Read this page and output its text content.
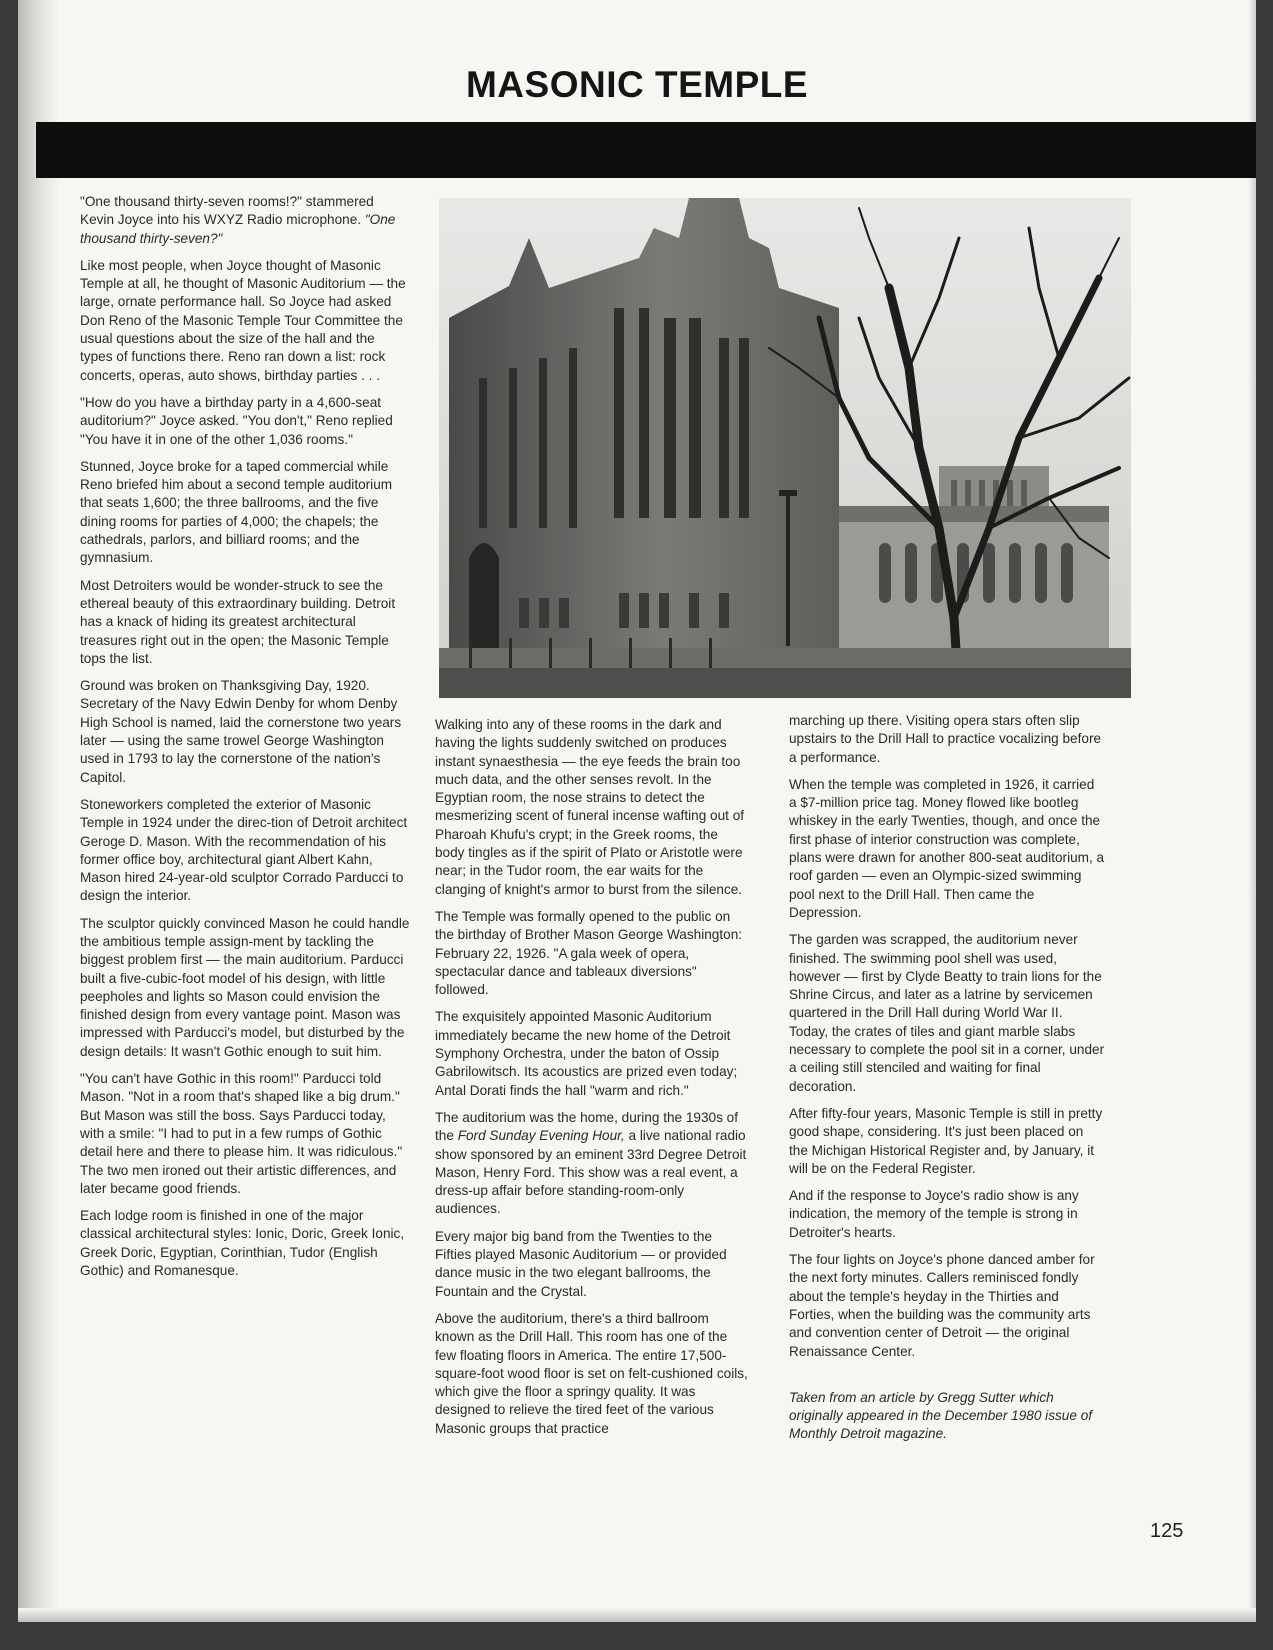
MASONIC TEMPLE

"One thousand thirty-seven rooms!?" stammered Kevin Joyce into his WXYZ Radio microphone. "One thousand thirty-seven?"

Like most people, when Joyce thought of Masonic Temple at all, he thought of Masonic Auditorium — the large, ornate performance hall. So Joyce had asked Don Reno of the Masonic Temple Tour Committee the usual questions about the size of the hall and the types of functions there. Reno ran down a list: rock concerts, operas, auto shows, birthday parties . . .

"How do you have a birthday party in a 4,600-seat auditorium?" Joyce asked. "You don't," Reno replied "You have it in one of the other 1,036 rooms."

Stunned, Joyce broke for a taped commercial while Reno briefed him about a second temple auditorium that seats 1,600; the three ballrooms, and the five dining rooms for parties of 4,000; the chapels; the cathedrals, parlors, and billiard rooms; and the gymnasium.

Most Detroiters would be wonder-struck to see the ethereal beauty of this extraordinary building. Detroit has a knack of hiding its greatest architectural treasures right out in the open; the Masonic Temple tops the list.

Ground was broken on Thanksgiving Day, 1920. Secretary of the Navy Edwin Denby for whom Denby High School is named, laid the cornerstone two years later — using the same trowel George Washington used in 1793 to lay the cornerstone of the nation's Capitol.

Stoneworkers completed the exterior of Masonic Temple in 1924 under the direc-tion of Detroit architect Geroge D. Mason. With the recommendation of his former office boy, architectural giant Albert Kahn, Mason hired 24-year-old sculptor Corrado Parducci to design the interior.

The sculptor quickly convinced Mason he could handle the ambitious temple assign-ment by tackling the biggest problem first — the main auditorium. Parducci built a five-cubic-foot model of his design, with little peepholes and lights so Mason could envision the finished design from every vantage point. Mason was impressed with Parducci's model, but disturbed by the design details: It wasn't Gothic enough to suit him.

"You can't have Gothic in this room!" Parducci told Mason. "Not in a room that's shaped like a big drum." But Mason was still the boss. Says Parducci today, with a smile: "I had to put in a few rumps of Gothic detail here and there to please him. It was ridiculous." The two men ironed out their artistic differences, and later became good friends.

Each lodge room is finished in one of the major classical architectural styles: Ionic, Doric, Greek Ionic, Greek Doric, Egyptian, Corinthian, Tudor (English Gothic) and Romanesque.

Walking into any of these rooms in the dark and having the lights suddenly switched on produces instant synaesthesia — the eye feeds the brain too much data, and the other senses revolt. In the Egyptian room, the nose strains to detect the mesmerizing scent of funeral incense wafting out of Pharoah Khufu's crypt; in the Greek rooms, the body tingles as if the spirit of Plato or Aristotle were near; in the Tudor room, the ear waits for the clanging of knight's armor to burst from the silence.

The Temple was formally opened to the public on the birthday of Brother Mason George Washington: February 22, 1926. "A gala week of opera, spectacular dance and tableaux diversions" followed.

The exquisitely appointed Masonic Auditorium immediately became the new home of the Detroit Symphony Orchestra, under the baton of Ossip Gabrilowitsch. Its acoustics are prized even today; Antal Dorati finds the hall "warm and rich."

The auditorium was the home, during the 1930s of the Ford Sunday Evening Hour, a live national radio show sponsored by an eminent 33rd Degree Detroit Mason, Henry Ford. This show was a real event, a dress-up affair before standing-room-only audiences.

Every major big band from the Twenties to the Fifties played Masonic Auditorium — or provided dance music in the two elegant ballrooms, the Fountain and the Crystal.

Above the auditorium, there's a third ballroom known as the Drill Hall. This room has one of the few floating floors in America. The entire 17,500-square-foot wood floor is set on felt-cushioned coils, which give the floor a springy quality. It was designed to relieve the tired feet of the various Masonic groups that practice

marching up there. Visiting opera stars often slip upstairs to the Drill Hall to practice vocalizing before a performance.

When the temple was completed in 1926, it carried a $7-million price tag. Money flowed like bootleg whiskey in the early Twenties, though, and once the first phase of interior construction was complete, plans were drawn for another 800-seat auditorium, a roof garden — even an Olympic-sized swimming pool next to the Drill Hall. Then came the Depression.

The garden was scrapped, the auditorium never finished. The swimming pool shell was used, however — first by Clyde Beatty to train lions for the Shrine Circus, and later as a latrine by servicemen quartered in the Drill Hall during World War II. Today, the crates of tiles and giant marble slabs necessary to complete the pool sit in a corner, under a ceiling still stenciled and waiting for final decoration.

After fifty-four years, Masonic Temple is still in pretty good shape, considering. It's just been placed on the Michigan Historical Register and, by January, it will be on the Federal Register.

And if the response to Joyce's radio show is any indication, the memory of the temple is strong in Detroiter's hearts.

The four lights on Joyce's phone danced amber for the next forty minutes. Callers reminisced fondly about the temple's heyday in the Thirties and Forties, when the building was the community arts and convention center of Detroit — the original Renaissance Center.

Taken from an article by Gregg Sutter which originally appeared in the December 1980 issue of Monthly Detroit magazine.

125
